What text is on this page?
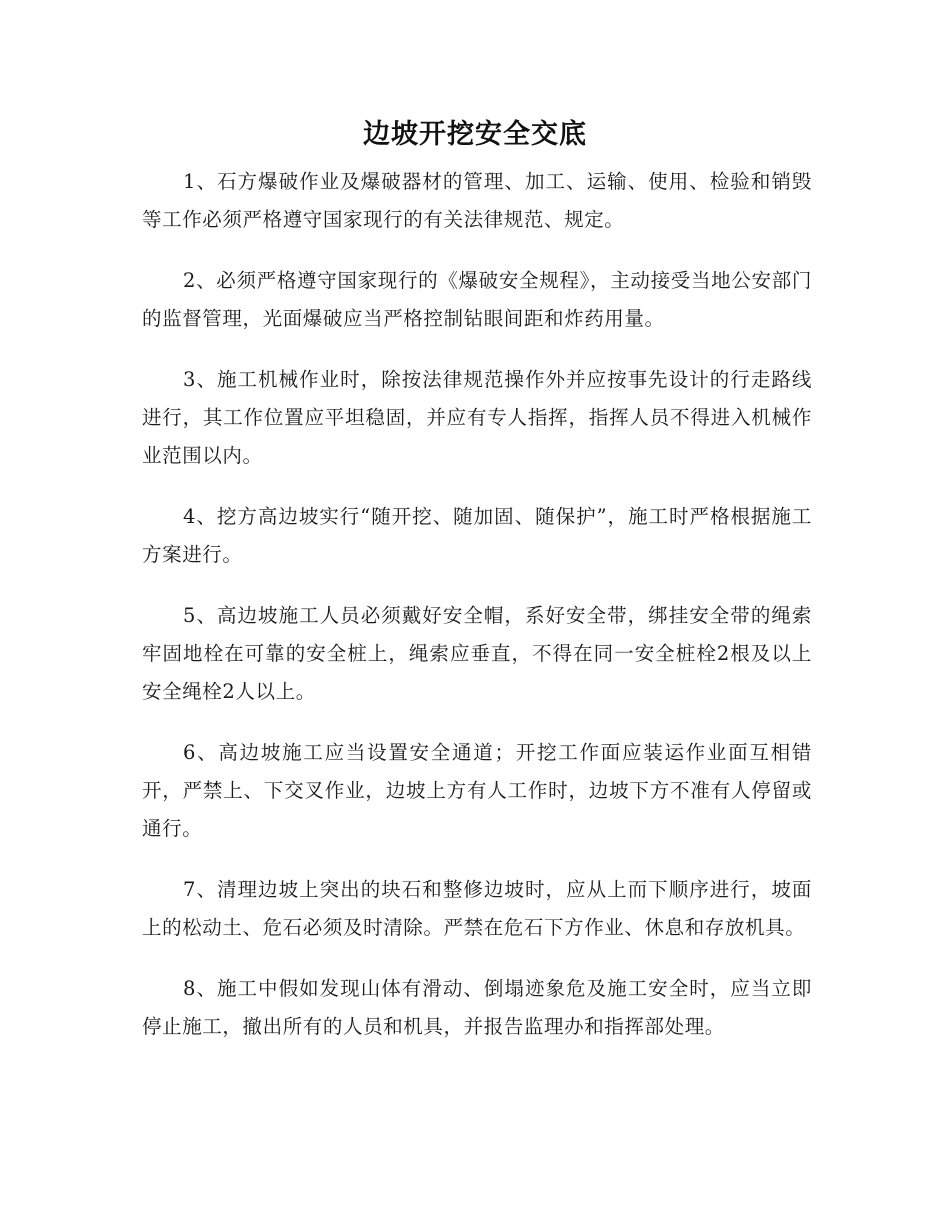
边坡开挖安全交底

1、石方爆破作业及爆破器材的管理、加工、运输、使用、检验和销毁等工作必须严格遵守国家现行的有关法律规范、规定。

2、必须严格遵守国家现行的《爆破安全规程》，主动接受当地公安部门的监督管理，光面爆破应当严格控制钻眼间距和炸药用量。

3、施工机械作业时，除按法律规范操作外并应按事先设计的行走路线进行，其工作位置应平坦稳固，并应有专人指挥，指挥人员不得进入机械作业范围以内。

4、挖方高边坡实行“随开挖、随加固、随保护”，施工时严格根据施工方案进行。

5、高边坡施工人员必须戴好安全帽，系好安全带，绑挂安全带的绳索牢固地栓在可靠的安全桩上，绳索应垂直，不得在同一安全桩栓2根及以上安全绳栓2人以上。

6、高边坡施工应当设置安全通道；开挖工作面应装运作业面互相错开，严禁上、下交叉作业，边坡上方有人工作时，边坡下方不准有人停留或通行。

7、清理边坡上突出的块石和整修边坡时，应从上而下顺序进行，坡面上的松动土、危石必须及时清除。严禁在危石下方作业、休息和存放机具。

8、施工中假如发现山体有滑动、倒塌迹象危及施工安全时，应当立即停止施工，撤出所有的人员和机具，并报告监理办和指挥部处理。
